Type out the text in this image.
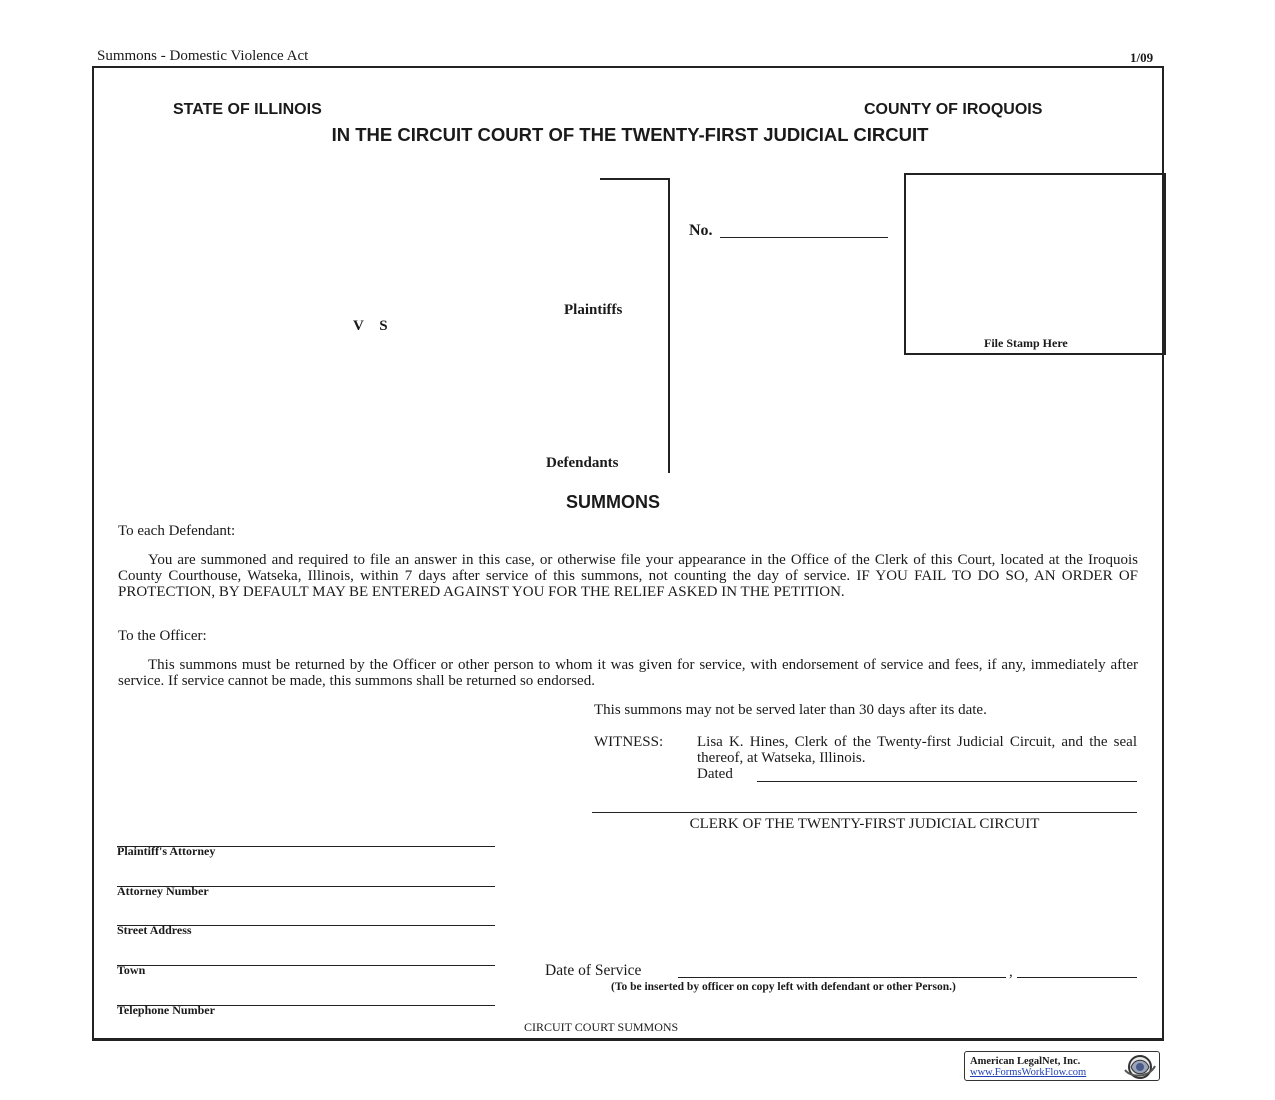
Summons - Domestic Violence Act	1/09
STATE OF ILLINOIS	COUNTY OF IROQUOIS
IN THE CIRCUIT COURT OF THE TWENTY-FIRST JUDICIAL CIRCUIT
No.
File Stamp Here
Plaintiffs
V S
Defendants
SUMMONS
To each Defendant:
You are summoned and required to file an answer in this case, or otherwise file your appearance in the Office of the Clerk of this Court, located at the Iroquois County Courthouse, Watseka, Illinois, within 7 days after service of this summons, not counting the day of service. IF YOU FAIL TO DO SO, AN ORDER OF PROTECTION, BY DEFAULT MAY BE ENTERED AGAINST YOU FOR THE RELIEF ASKED IN THE PETITION.
To the Officer:
This summons must be returned by the Officer or other person to whom it was given for service, with endorsement of service and fees, if any, immediately after service. If service cannot be made, this summons shall be returned so endorsed.
This summons may not be served later than 30 days after its date.
WITNESS: Lisa K. Hines, Clerk of the Twenty-first Judicial Circuit, and the seal thereof, at Watseka, Illinois.
Dated
CLERK OF THE TWENTY-FIRST JUDICIAL CIRCUIT
Plaintiff's Attorney
Attorney Number
Street Address
Town
Telephone Number
Date of Service	,
(To be inserted by officer on copy left with defendant or other Person.)
CIRCUIT COURT SUMMONS
American LegalNet, Inc.
www.FormsWorkFlow.com
